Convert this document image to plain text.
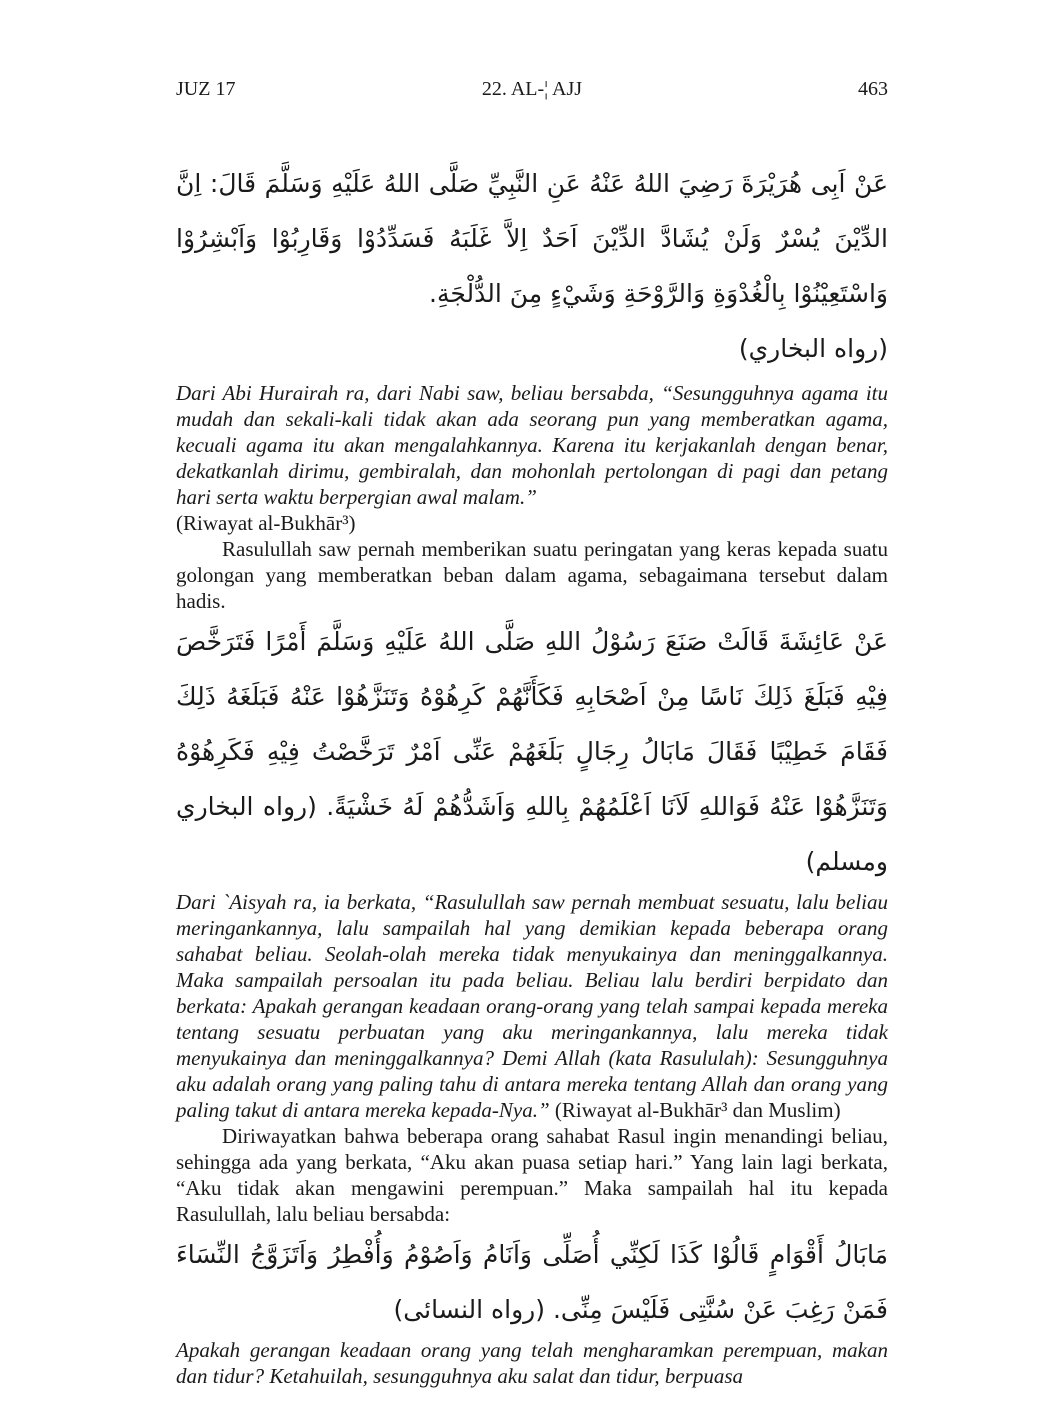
JUZ 17	22. AL-¦ AJJ	463

عَنْ اَبِى هُرَيْرَةَ رَضِيَ اللهُ عَنْهُ عَنِ النَّبِيِّ صَلَّى اللهُ عَلَيْهِ وَسَلَّمَ قَالَ: اِنَّ الدِّيْنَ يُسْرٌ وَلَنْ يُشَادَّ الدِّيْنَ اَحَدٌ اِلاَّ غَلَبَهُ فَسَدِّدُوْا وَقَارِبُوْا وَاَبْشِرُوْا وَاسْتَعِيْنُوْا بِالْغُدْوَةِ وَالرَّوْحَةِ وَشَيْءٍ مِنَ الدُّلْجَةِ.

(رواه البخاري)

Dari Abi Hurairah ra, dari Nabi saw, beliau bersabda, “Sesungguhnya agama itu mudah dan sekali-kali tidak akan ada seorang pun yang memberatkan agama, kecuali agama itu akan mengalahkannya. Karena itu kerjakanlah dengan benar, dekatkanlah dirimu, gembiralah, dan mohonlah pertolongan di pagi dan petang hari serta waktu berpergian awal malam.”

(Riwayat al-Bukhār³)

Rasulullah saw pernah memberikan suatu peringatan yang keras kepada suatu golongan yang memberatkan beban dalam agama, sebagaimana tersebut dalam hadis.

عَنْ عَائِشَةَ قَالَتْ صَنَعَ رَسُوْلُ اللهِ صَلَّى اللهُ عَلَيْهِ وَسَلَّمَ أَمْرًا فَتَرَخَّصَ فِيْهِ فَبَلَغَ ذَلِكَ نَاسًا مِنْ اَصْحَابِهِ فَكَأَنَّهُمْ كَرِهُوْهُ وَتَنَزَّهُوْا عَنْهُ فَبَلَغَهُ ذَلِكَ فَقَامَ خَطِيْبًا فَقَالَ مَابَالُ رِجَالٍ بَلَغَهُمْ عَنِّى اَمْرٌ تَرَخَّصْتُ فِيْهِ فَكَرِهُوْهُ وَتَنَزَّهُوْا عَنْهُ فَوَاللهِ لَاَنَا اَعْلَمُهُمْ بِاللهِ وَاَشَدُّهُمْ لَهُ خَشْيَةً. (رواه البخاري ومسلم)

Dari `Aisyah ra, ia berkata, “Rasulullah saw pernah membuat sesuatu, lalu beliau meringankannya, lalu sampailah hal yang demikian kepada beberapa orang sahabat beliau. Seolah-olah mereka tidak menyukainya dan meninggalkannya. Maka sampailah persoalan itu pada beliau. Beliau lalu berdiri berpidato dan berkata: Apakah gerangan keadaan orang-orang yang telah sampai kepada mereka tentang sesuatu perbuatan yang aku meringankannya, lalu mereka tidak menyukainya dan meninggalkannya? Demi Allah (kata Rasululah): Sesungguhnya aku adalah orang yang paling tahu di antara mereka tentang Allah dan orang yang paling takut di antara mereka kepada-Nya.” (Riwayat al-Bukhār³ dan Muslim)

Diriwayatkan bahwa beberapa orang sahabat Rasul ingin menandingi beliau, sehingga ada yang berkata, “Aku akan puasa setiap hari.” Yang lain lagi berkata, “Aku tidak akan mengawini perempuan.” Maka sampailah hal itu kepada Rasulullah, lalu beliau bersabda:

مَابَالُ أَقْوَامٍ قَالُوْا كَذَا لَكِنِّي أُصَلِّى وَاَنَامُ وَاَصُوْمُ وَأُفْطِرُ وَاَتَزَوَّجُ النِّسَاءَ فَمَنْ رَغِبَ عَنْ سُنَّتِى فَلَيْسَ مِنِّى. (رواه النسائى)

Apakah gerangan keadaan orang yang telah mengharamkan perempuan, makan dan tidur? Ketahuilah, sesungguhnya aku salat dan tidur, berpuasa
